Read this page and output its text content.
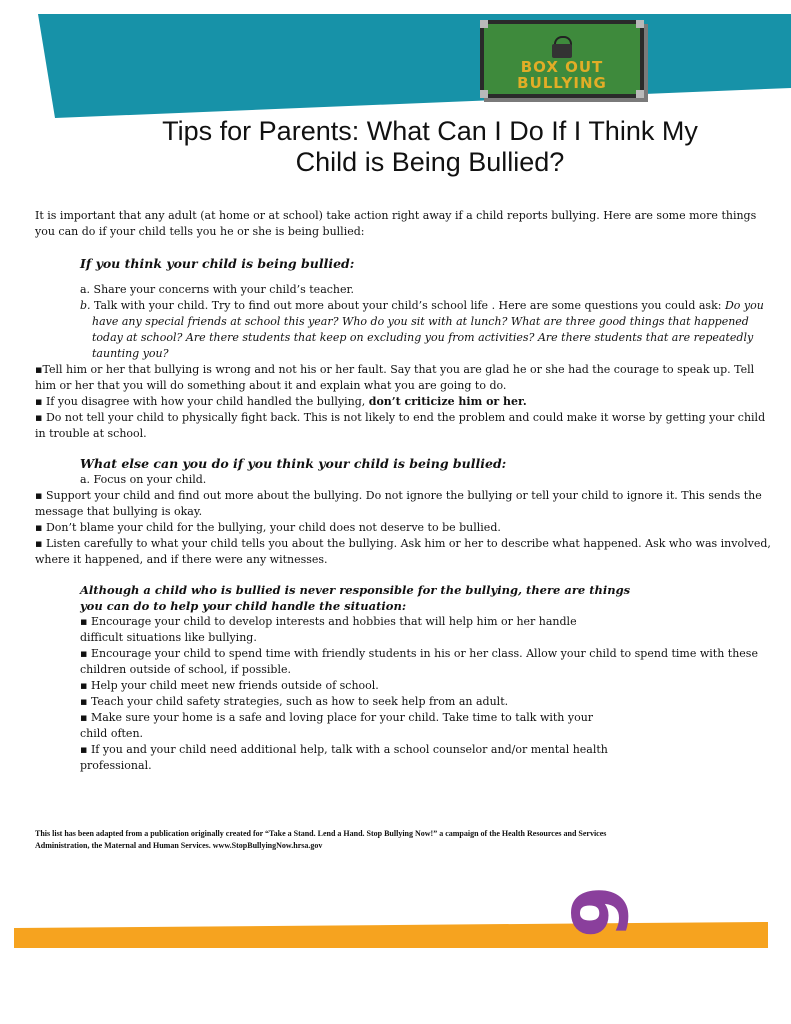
BOX OUT
BULLYING
Tips for Parents: What Can I Do If I Think My
Child is Being Bullied?

It is important that any adult (at home or at school) take action right away if a child reports bullying. Here are some more things you can do if your child tells you he or she is being bullied:

If you think your child is being bullied:

a. Share your concerns with your child’s teacher.

b. Talk with your child. Try to find out more about your child’s school life . Here are some questions you could ask: Do you have any special friends at school this year? Who do you sit with at lunch? What are three good things that happened today at school? Are there students that keep on excluding you from activities? Are there students that are repeatedly taunting you?

▪Tell him or her that bullying is wrong and not his or her fault. Say that you are glad he or she had the courage to speak up. Tell him or her that you will do something about it and explain what you are going to do.

▪ If you disagree with how your child handled the bullying, don’t criticize him or her.

▪ Do not tell your child to physically fight back. This is not likely to end the problem and could make it worse by getting your child in trouble at school.

What else can you do if you think your child is being bullied:

a. Focus on your child.

▪ Support your child and find out more about the bullying. Do not ignore the bullying or tell your child to ignore it. This sends the message that bullying is okay.

▪ Don’t blame your child for the bullying, your child does not deserve to be bullied.

▪ Listen carefully to what your child tells you about the bullying. Ask him or her to describe what happened. Ask who was involved, where it happened, and if there were any witnesses.

Although a child who is bullied is never responsible for the bullying, there are things

you can do to help your child handle the situation:

▪ Encourage your child to develop interests and hobbies that will help him or her handle

difficult situations like bullying.

▪ Encourage your child to spend time with friendly students in his or her class. Allow your child to spend time with these children outside of school, if possible.

▪ Help your child meet new friends outside of school.

▪ Teach your child safety strategies, such as how to seek help from an adult.

▪ Make sure your home is a safe and loving place for your child. Take time to talk with your

child often.

▪ If you and your child need additional help, talk with a school counselor and/or mental health

professional.

This list has been adapted from a publication originally created for “Take a Stand. Lend a Hand. Stop Bullying Now!” a campaign of the Health Resources and Services
Administration, the Maternal and Human Services. www.StopBullyingNow.hrsa.gov
6
